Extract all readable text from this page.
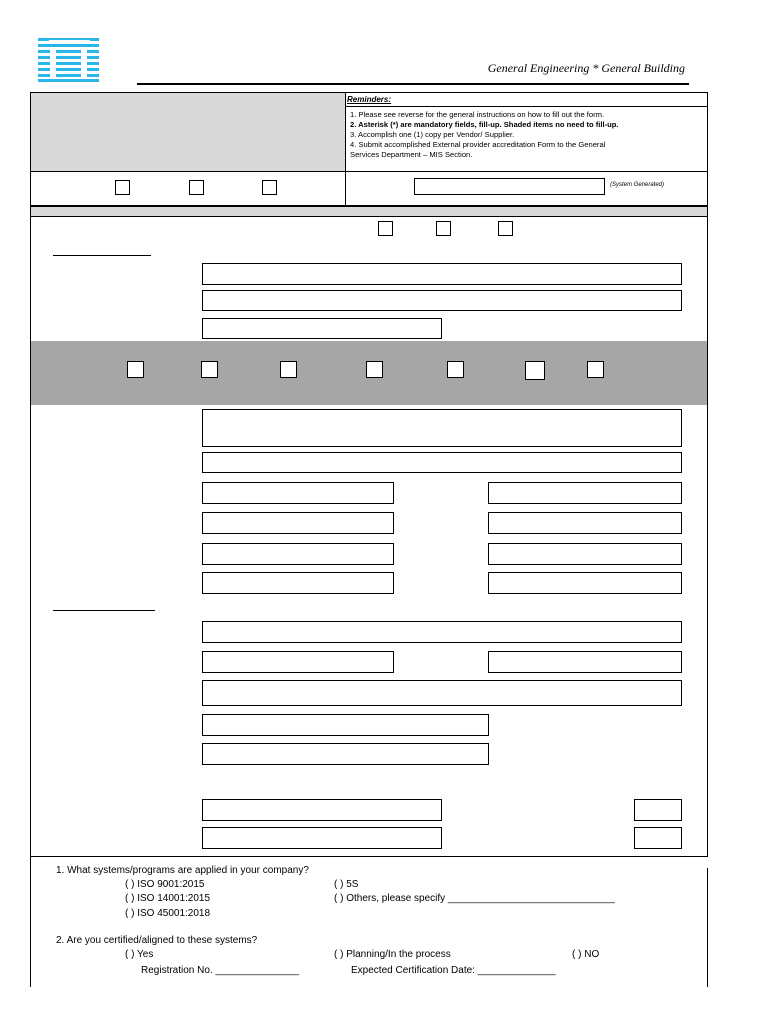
General Engineering * General Building
Reminders:
1. Please see reverse for the general instructions on how to fill out the form.
2. Asterisk (*) are mandatory fields, fill-up. Shaded items no need to fill-up.
3. Accomplish one (1) copy per Vendor/ Supplier.
4. Submit accomplished External provider accreditation Form to the General
Services Department – MIS Section.
(System Generated)
1. What systems/programs are applied in your company?
( ) ISO 9001:2015
( ) ISO 14001:2015
( ) ISO 45001:2018
( ) 5S
( ) Others, please specify ______________________________
2. Are you certified/aligned to these systems?
( ) Yes
Registration No. _______________
( ) Planning/In the process
Expected Certification Date: ______________
( ) NO
